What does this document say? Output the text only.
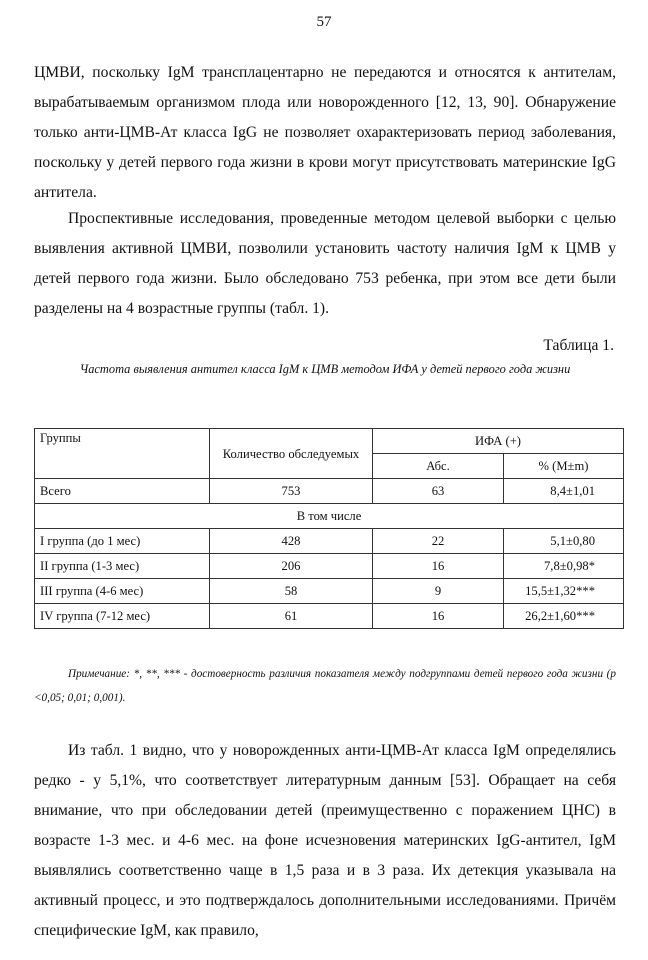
57

ЦМВИ, поскольку IgM трансплацентарно не передаются и относятся к антителам, вырабатываемым организмом плода или новорожденного [12, 13, 90]. Обнаружение только анти-ЦМВ-Ат класса IgG не позволяет охарактеризовать период заболевания, поскольку у детей первого года жизни в крови могут присутствовать материнские IgG антитела.

Проспективные исследования, проведенные методом целевой выборки с целью выявления активной ЦМВИ, позволили установить частоту наличия IgM к ЦМВ у детей первого года жизни. Было обследовано 753 ребенка, при этом все дети были разделены на 4 возрастные группы (табл. 1).

Таблица 1.
Частота выявления антител класса IgM к ЦМВ методом ИФА у детей первого года жизни
Группы	Количество обследуемых	ИФА (+)	
		Абс.	% (M±m)
Всего	753	63	8,4±1,01
В том числе			
I группа (до 1 мес)	428	22	5,1±0,80
II группа (1-3 мес)	206	16	7,8±0,98*
III группа (4-6 мес)	58	9	15,5±1,32***
IV группа (7-12 мес)	61	16	26,2±1,60***

Примечание: *, **, *** - достоверность различия показателя между подгруппами детей первого года жизни (р <0,05; 0,01; 0,001).

Из табл. 1 видно, что у новорожденных анти-ЦМВ-Ат класса IgM определялись редко - у 5,1%, что соответствует литературным данным [53]. Обращает на себя внимание, что при обследовании детей (преимущественно с поражением ЦНС) в возрасте 1-3 мес. и 4-6 мес. на фоне исчезновения материнских IgG-антител, IgM выявлялись соответственно чаще в 1,5 раза и в 3 раза. Их детекция указывала на активный процесс, и это подтверждалось дополнительными исследованиями. Причём специфические IgM, как правило,
